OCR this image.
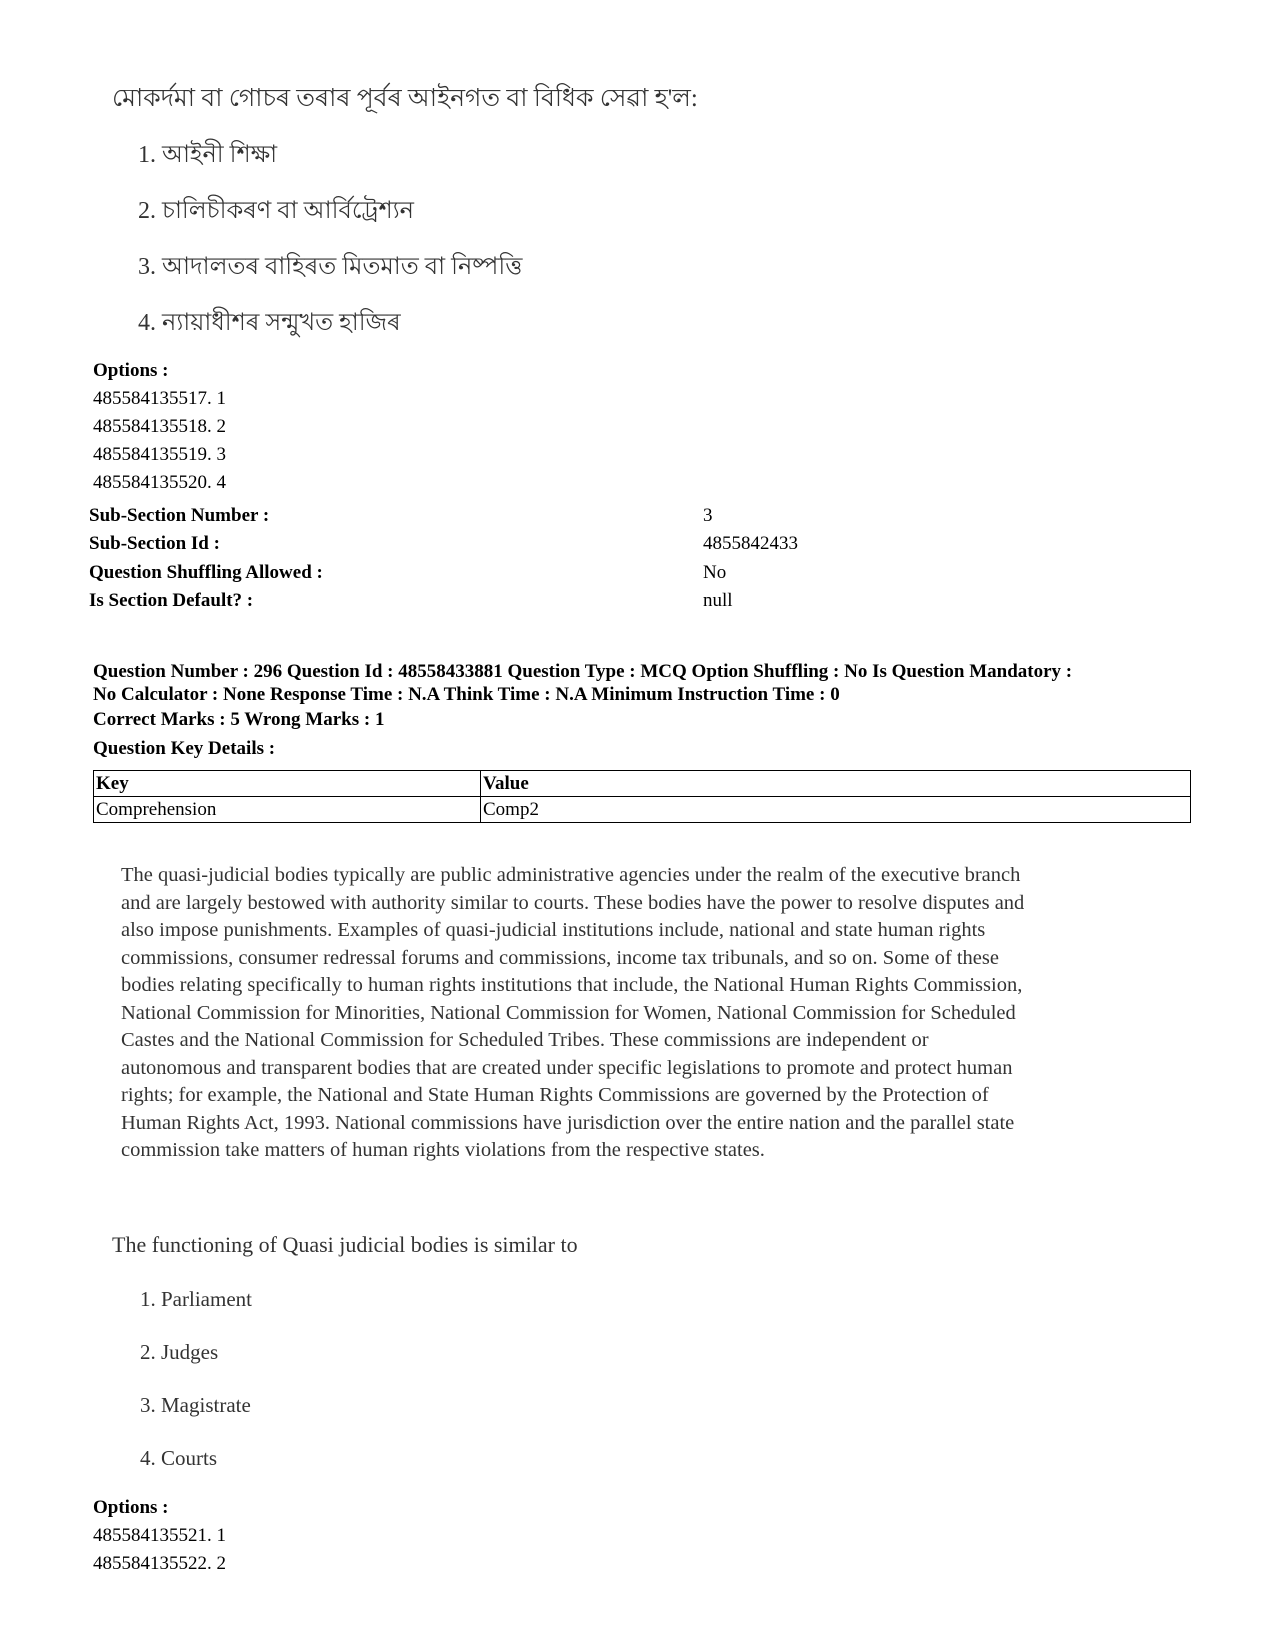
মোকৰ্দমা বা গোচৰ তৰাৰ পূৰ্বৰ আইনগত বা বিধিক সেৱা হ'ল:
1. আইনী শিক্ষা
2. চালিচীকৰণ বা আৰ্বিট্ৰেশ্যন
3. আদালতৰ বাহিৰত মিতমাত বা নিষ্পত্তি
4. ন্যায়াধীশৰ সন্মুখত হাজিৰ
Options :
485584135517. 1
485584135518. 2
485584135519. 3
485584135520. 4
Sub-Section Number :	3
Sub-Section Id :	4855842433
Question Shuffling Allowed :	No
Is Section Default? :	null
Question Number : 296 Question Id : 48558433881 Question Type : MCQ Option Shuffling : No Is Question Mandatory :
No Calculator : None Response Time : N.A Think Time : N.A Minimum Instruction Time : 0
Correct Marks : 5 Wrong Marks : 1
Question Key Details :
Key	Value
Comprehension	Comp2
The quasi-judicial bodies typically are public administrative agencies under the realm of the executive branch
and are largely bestowed with authority similar to courts. These bodies have the power to resolve disputes and
also impose punishments. Examples of quasi-judicial institutions include, national and state human rights
commissions, consumer redressal forums and commissions, income tax tribunals, and so on. Some of these
bodies relating specifically to human rights institutions that include, the National Human Rights Commission,
National Commission for Minorities, National Commission for Women, National Commission for Scheduled
Castes and the National Commission for Scheduled Tribes. These commissions are independent or
autonomous and transparent bodies that are created under specific legislations to promote and protect human
rights; for example, the National and State Human Rights Commissions are governed by the Protection of
Human Rights Act, 1993. National commissions have jurisdiction over the entire nation and the parallel state
commission take matters of human rights violations from the respective states.
The functioning of Quasi judicial bodies is similar to
1. Parliament
2. Judges
3. Magistrate
4. Courts
Options :
485584135521. 1
485584135522. 2
